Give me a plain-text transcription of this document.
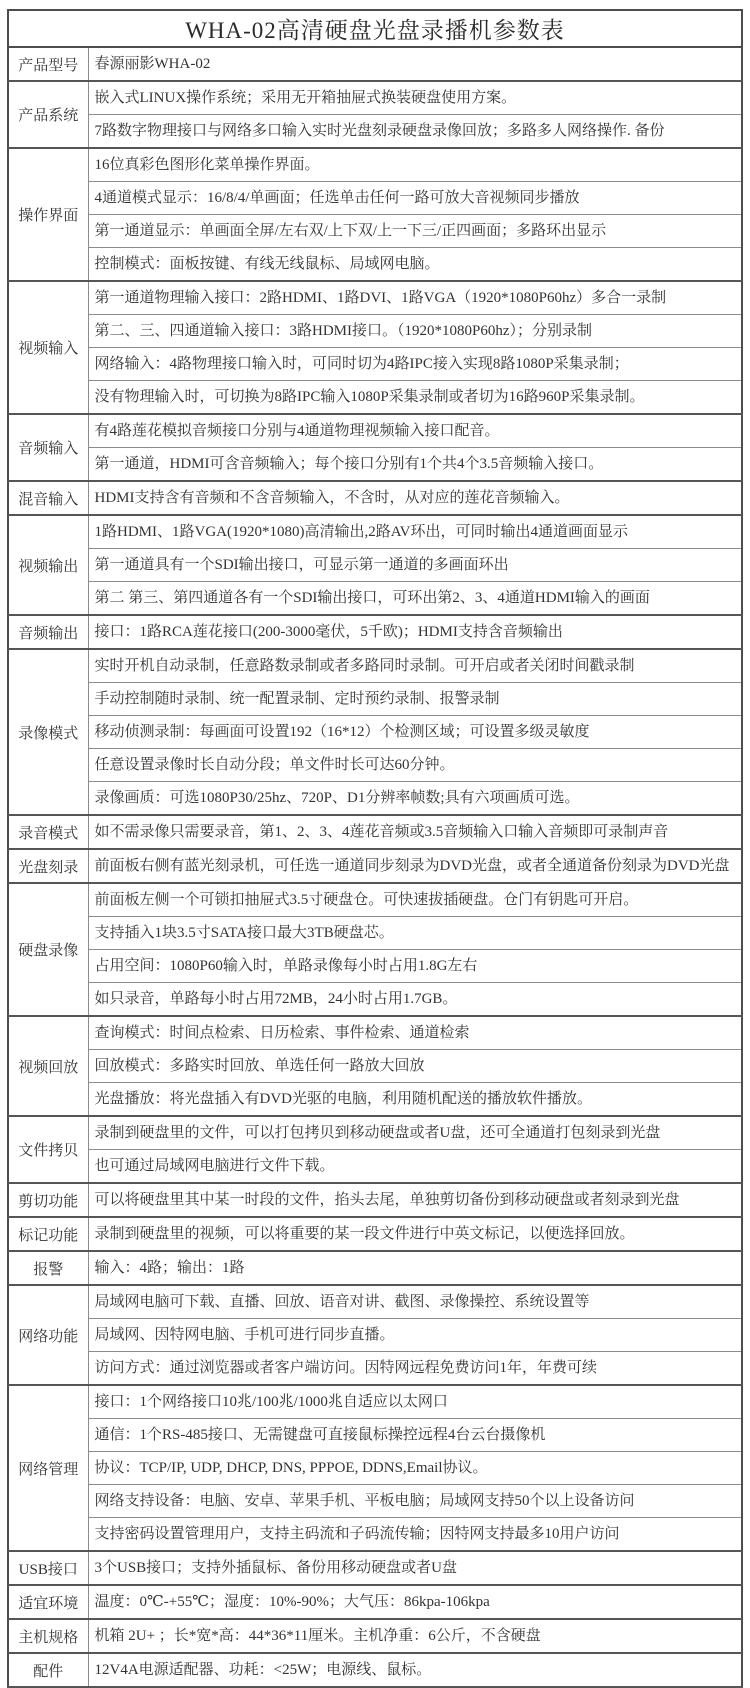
WHA-02高清硬盘光盘录播机参数表	
产品型号	春源丽影WHA-02
产品系统	嵌入式LINUX操作系统；采用无开箱抽屉式换装硬盘使用方案。
	7路数字物理接口与网络多口输入实时光盘刻录硬盘录像回放；多路多人网络操作. 备份
操作界面	16位真彩色图形化菜单操作界面。
	4通道模式显示：16/8/4/单画面；任选单击任何一路可放大音视频同步播放
	第一通道显示：单画面全屏/左右双/上下双/上一下三/正四画面；多路环出显示
	控制模式：面板按键、有线无线鼠标、局域网电脑。
视频输入	第一通道物理输入接口：2路HDMI、1路DVI、1路VGA（1920*1080P60hz）多合一录制
	第二、三、四通道输入接口：3路HDMI接口。（1920*1080P60hz）；分别录制
	网络输入：4路物理接口输入时，可同时切为4路IPC接入实现8路1080P采集录制；
	没有物理输入时，可切换为8路IPC输入1080P采集录制或者切为16路960P采集录制。
音频输入	有4路莲花模拟音频接口分别与4通道物理视频输入接口配音。
	第一通道，HDMI可含音频输入；每个接口分别有1个共4个3.5音频输入接口。
混音输入	HDMI支持含有音频和不含音频输入，不含时，从对应的莲花音频输入。
视频输出	1路HDMI、1路VGA(1920*1080)高清输出,2路AV环出，可同时输出4通道画面显示
	第一通道具有一个SDI输出接口，可显示第一通道的多画面环出
	第二 第三、第四通道各有一个SDI输出接口，可环出第2、3、4通道HDMI输入的画面
音频输出	接口：1路RCA莲花接口(200-3000毫伏，5千欧)；HDMI支持含音频输出
录像模式	实时开机自动录制，任意路数录制或者多路同时录制。可开启或者关闭时间戳录制
	手动控制随时录制、统一配置录制、定时预约录制、报警录制
	移动侦测录制：每画面可设置192（16*12）个检测区域；可设置多级灵敏度
	任意设置录像时长自动分段；单文件时长可达60分钟。
	录像画质：可选1080P30/25hz、720P、D1分辨率帧数;具有六项画质可选。
录音模式	如不需录像只需要录音，第1、2、3、4莲花音频或3.5音频输入口输入音频即可录制声音
光盘刻录	前面板右侧有蓝光刻录机，可任选一通道同步刻录为DVD光盘，或者全通道备份刻录为DVD光盘
硬盘录像	前面板左侧一个可锁扣抽屉式3.5寸硬盘仓。可快速拔插硬盘。仓门有钥匙可开启。
	支持插入1块3.5寸SATA接口最大3TB硬盘芯。
	占用空间：1080P60输入时，单路录像每小时占用1.8G左右
	如只录音，单路每小时占用72MB，24小时占用1.7GB。
视频回放	查询模式：时间点检索、日历检索、事件检索、通道检索
	回放模式：多路实时回放、单选任何一路放大回放
	光盘播放：将光盘插入有DVD光驱的电脑，利用随机配送的播放软件播放。
文件拷贝	录制到硬盘里的文件，可以打包拷贝到移动硬盘或者U盘，还可全通道打包刻录到光盘
	也可通过局域网电脑进行文件下载。
剪切功能	可以将硬盘里其中某一时段的文件，掐头去尾，单独剪切备份到移动硬盘或者刻录到光盘
标记功能	录制到硬盘里的视频，可以将重要的某一段文件进行中英文标记，以便选择回放。
报警	输入：4路；输出：1路
网络功能	局域网电脑可下载、直播、回放、语音对讲、截图、录像操控、系统设置等
	局域网、因特网电脑、手机可进行同步直播。
	访问方式：通过浏览器或者客户端访问。因特网远程免费访问1年，年费可续
网络管理	接口：1个网络接口10兆/100兆/1000兆自适应以太网口
	通信：1个RS-485接口、无需键盘可直接鼠标操控远程4台云台摄像机
	协议：TCP/IP, UDP, DHCP, DNS, PPPOE, DDNS,Email协议。
	网络支持设备：电脑、安卓、苹果手机、平板电脑；局域网支持50个以上设备访问
	支持密码设置管理用户，支持主码流和子码流传输；因特网支持最多10用户访问
USB接口	3个USB接口；支持外插鼠标、备份用移动硬盘或者U盘
适宜环境	温度：0℃-+55℃；湿度：10%-90%；大气压：86kpa-106kpa
主机规格	机箱 2U+ ；长*宽*高：44*36*11厘米。主机净重：6公斤，不含硬盘
配件	12V4A电源适配器、功耗：<25W；电源线、鼠标。
